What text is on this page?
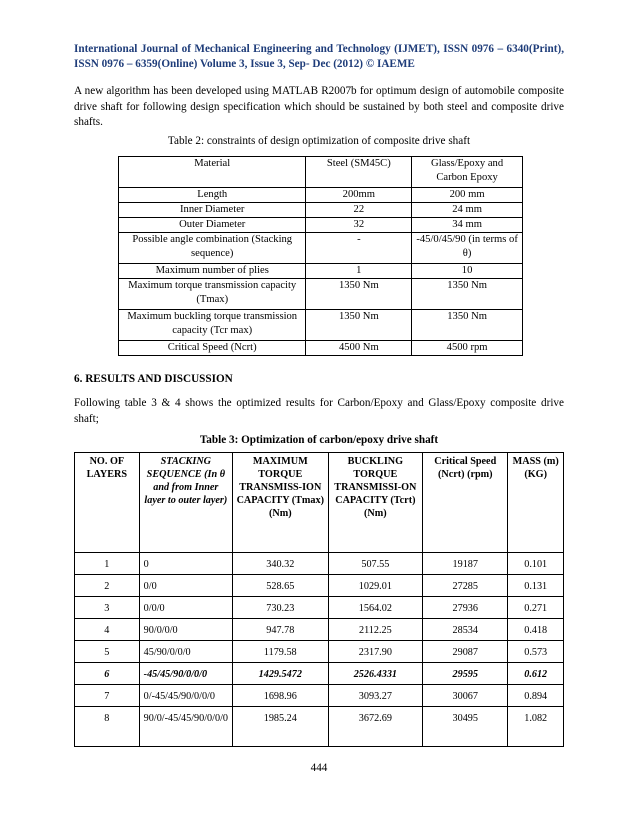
International Journal of Mechanical Engineering and Technology (IJMET), ISSN 0976 – 6340(Print), ISSN 0976 – 6359(Online) Volume 3, Issue 3, Sep- Dec (2012) © IAEME
A new algorithm has been developed using MATLAB R2007b for optimum design of automobile composite drive shaft for following design specification which should be sustained by both steel and composite drive shafts.
Table 2: constraints of design optimization of composite drive shaft
Material	Steel (SM45C)	Glass/Epoxy and Carbon Epoxy
Length	200mm	200 mm
Inner Diameter	22	24 mm
Outer Diameter	32	34 mm
Possible angle combination (Stacking sequence)	-	-45/0/45/90 (in terms of θ)
Maximum number of plies	1	10
Maximum torque transmission capacity (Tmax)	1350 Nm	1350 Nm
Maximum buckling torque transmission capacity (Tcr max)	1350 Nm	1350 Nm
Critical Speed (Ncrt)	4500 Nm	4500 rpm
6. RESULTS AND DISCUSSION
Following table 3 & 4 shows the optimized results for Carbon/Epoxy and Glass/Epoxy composite drive shaft;
Table 3: Optimization of carbon/epoxy drive shaft
NO. OF LAYERS	STACKING SEQUENCE (In θ and from Inner layer to outer layer)	MAXIMUM TORQUE TRANSMISS-ION CAPACITY (Tmax) (Nm)	BUCKLING TORQUE TRANSMISSI-ON CAPACITY (Tcrt) (Nm)	Critical Speed (Ncrt) (rpm)	MASS (m) (KG)
1	0	340.32	507.55	19187	0.101
2	0/0	528.65	1029.01	27285	0.131
3	0/0/0	730.23	1564.02	27936	0.271
4	90/0/0/0	947.78	2112.25	28534	0.418
5	45/90/0/0/0	1179.58	2317.90	29087	0.573
6	-45/45/90/0/0/0	1429.5472	2526.4331	29595	0.612
7	0/-45/45/90/0/0/0	1698.96	3093.27	30067	0.894
8	90/0/-45/45/90/0/0/0	1985.24	3672.69	30495	1.082
444
